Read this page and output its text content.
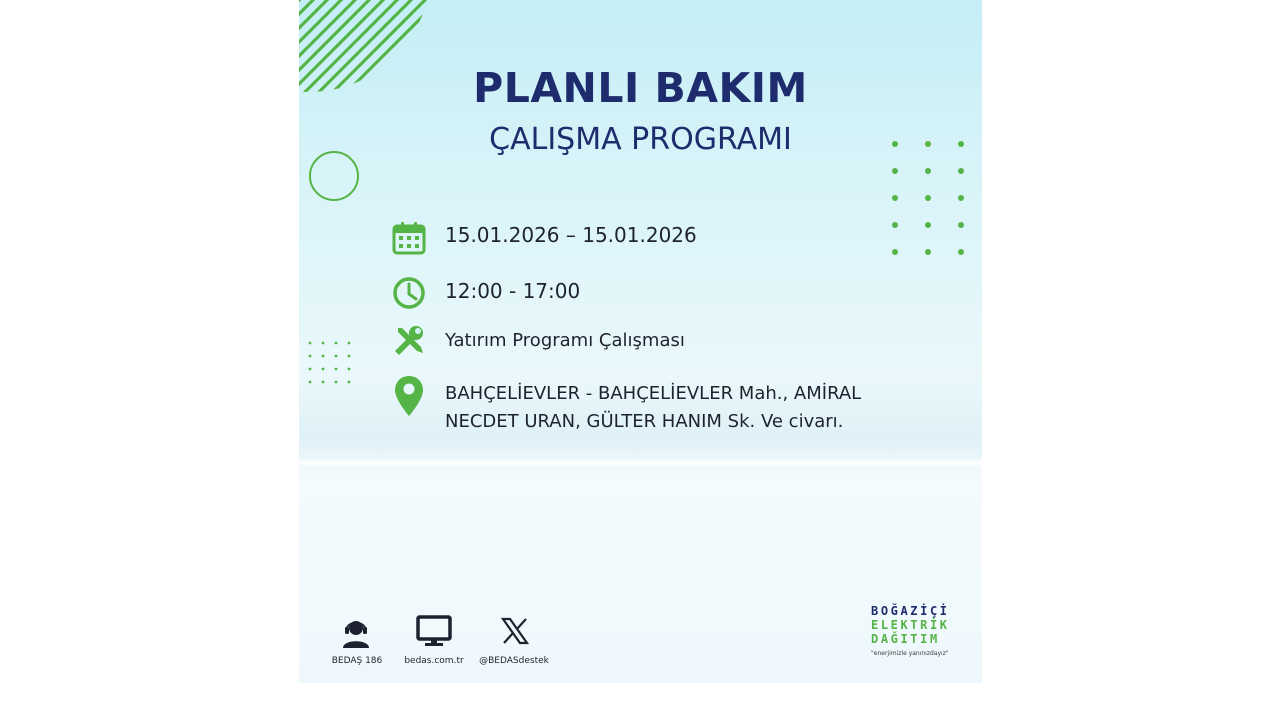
PLANLI BAKIM
ÇALIŞMA PROGRAMI
15.01.2026 – 15.01.2026
12:00 - 17:00
Yatırım Programı Çalışması
BAHÇELİEVLER - BAHÇELİEVLER Mah., AMİRAL
NECDET URAN, GÜLTER HANIM Sk. Ve civarı.
BEDAŞ 186	bedas.com.tr	@BEDASdestek
BOĞAZİÇİ
ELEKTRİK
DAĞITIM
"enerjimizle yanınızdayız"
